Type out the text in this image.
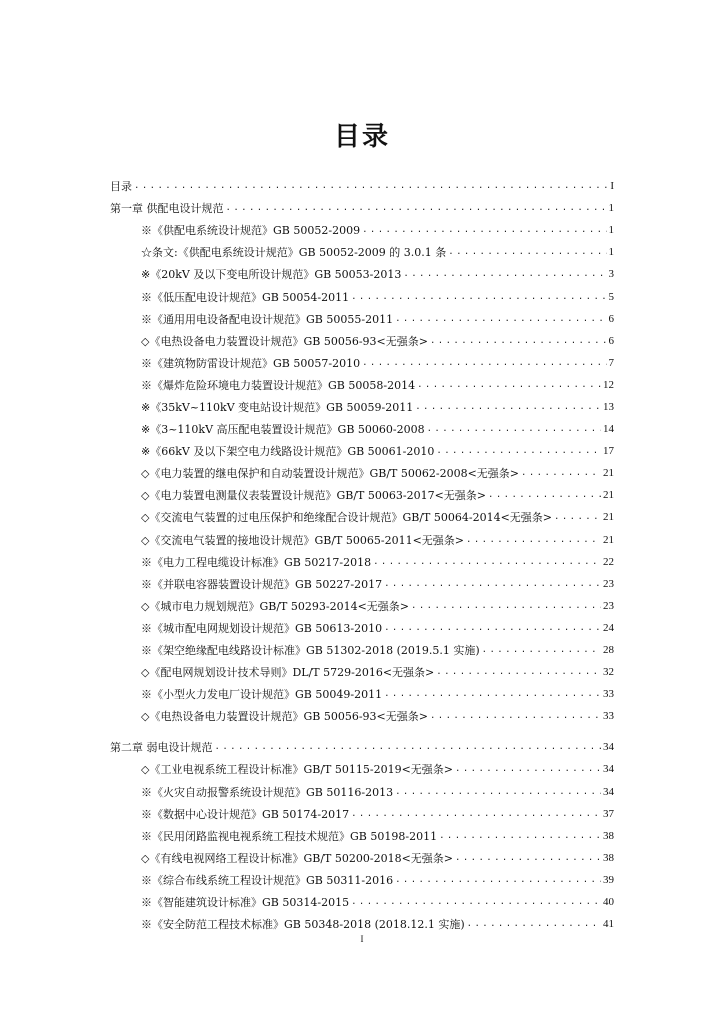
目录
目录 .....	I
第一章 供配电设计规范 .....	1
※《供配电系统设计规范》GB 50052-2009 .....	1
☆条文:《供配电系统设计规范》GB 50052-2009 的 3.0.1 条 .....	1
※《20kV 及以下变电所设计规范》GB 50053-2013 .....	3
※《低压配电设计规范》GB 50054-2011 .....	5
※《通用用电设备配电设计规范》GB 50055-2011 .....	6
◇《电热设备电力装置设计规范》GB 50056-93<无强条> .....	6
※《建筑物防雷设计规范》GB 50057-2010 .....	7
※《爆炸危险环境电力装置设计规范》GB 50058-2014 .....	12
※《35kV~110kV 变电站设计规范》GB 50059-2011 .....	13
※《3~110kV 高压配电装置设计规范》GB 50060-2008 .....	14
※《66kV 及以下架空电力线路设计规范》GB 50061-2010 .....	17
◇《电力装置的继电保护和自动装置设计规范》GB/T 50062-2008<无强条> .....	21
◇《电力装置电测量仪表装置设计规范》GB/T 50063-2017<无强条> .....	21
◇《交流电气装置的过电压保护和绝缘配合设计规范》GB/T 50064-2014<无强条> .....	21
◇《交流电气装置的接地设计规范》GB/T 50065-2011<无强条> .....	21
※《电力工程电缆设计标准》GB 50217-2018 .....	22
※《并联电容器装置设计规范》GB 50227-2017 .....	23
◇《城市电力规划规范》GB/T 50293-2014<无强条> .....	23
※《城市配电网规划设计规范》GB 50613-2010 .....	24
※《架空绝缘配电线路设计标准》GB 51302-2018 (2019.5.1 实施) .....	28
◇《配电网规划设计技术导则》DL/T 5729-2016<无强条> .....	32
※《小型火力发电厂设计规范》GB 50049-2011 .....	33
◇《电热设备电力装置设计规范》GB 50056-93<无强条> .....	33
第二章 弱电设计规范 .....	34
◇《工业电视系统工程设计标准》GB/T 50115-2019<无强条> .....	34
※《火灾自动报警系统设计规范》GB 50116-2013 .....	34
※《数据中心设计规范》GB 50174-2017 .....	37
※《民用闭路监视电视系统工程技术规范》GB 50198-2011 .....	38
◇《有线电视网络工程设计标准》GB/T 50200-2018<无强条> .....	38
※《综合布线系统工程设计规范》GB 50311-2016 .....	39
※《智能建筑设计标准》GB 50314-2015 .....	40
※《安全防范工程技术标准》GB 50348-2018 (2018.12.1 实施) .....	41
I
